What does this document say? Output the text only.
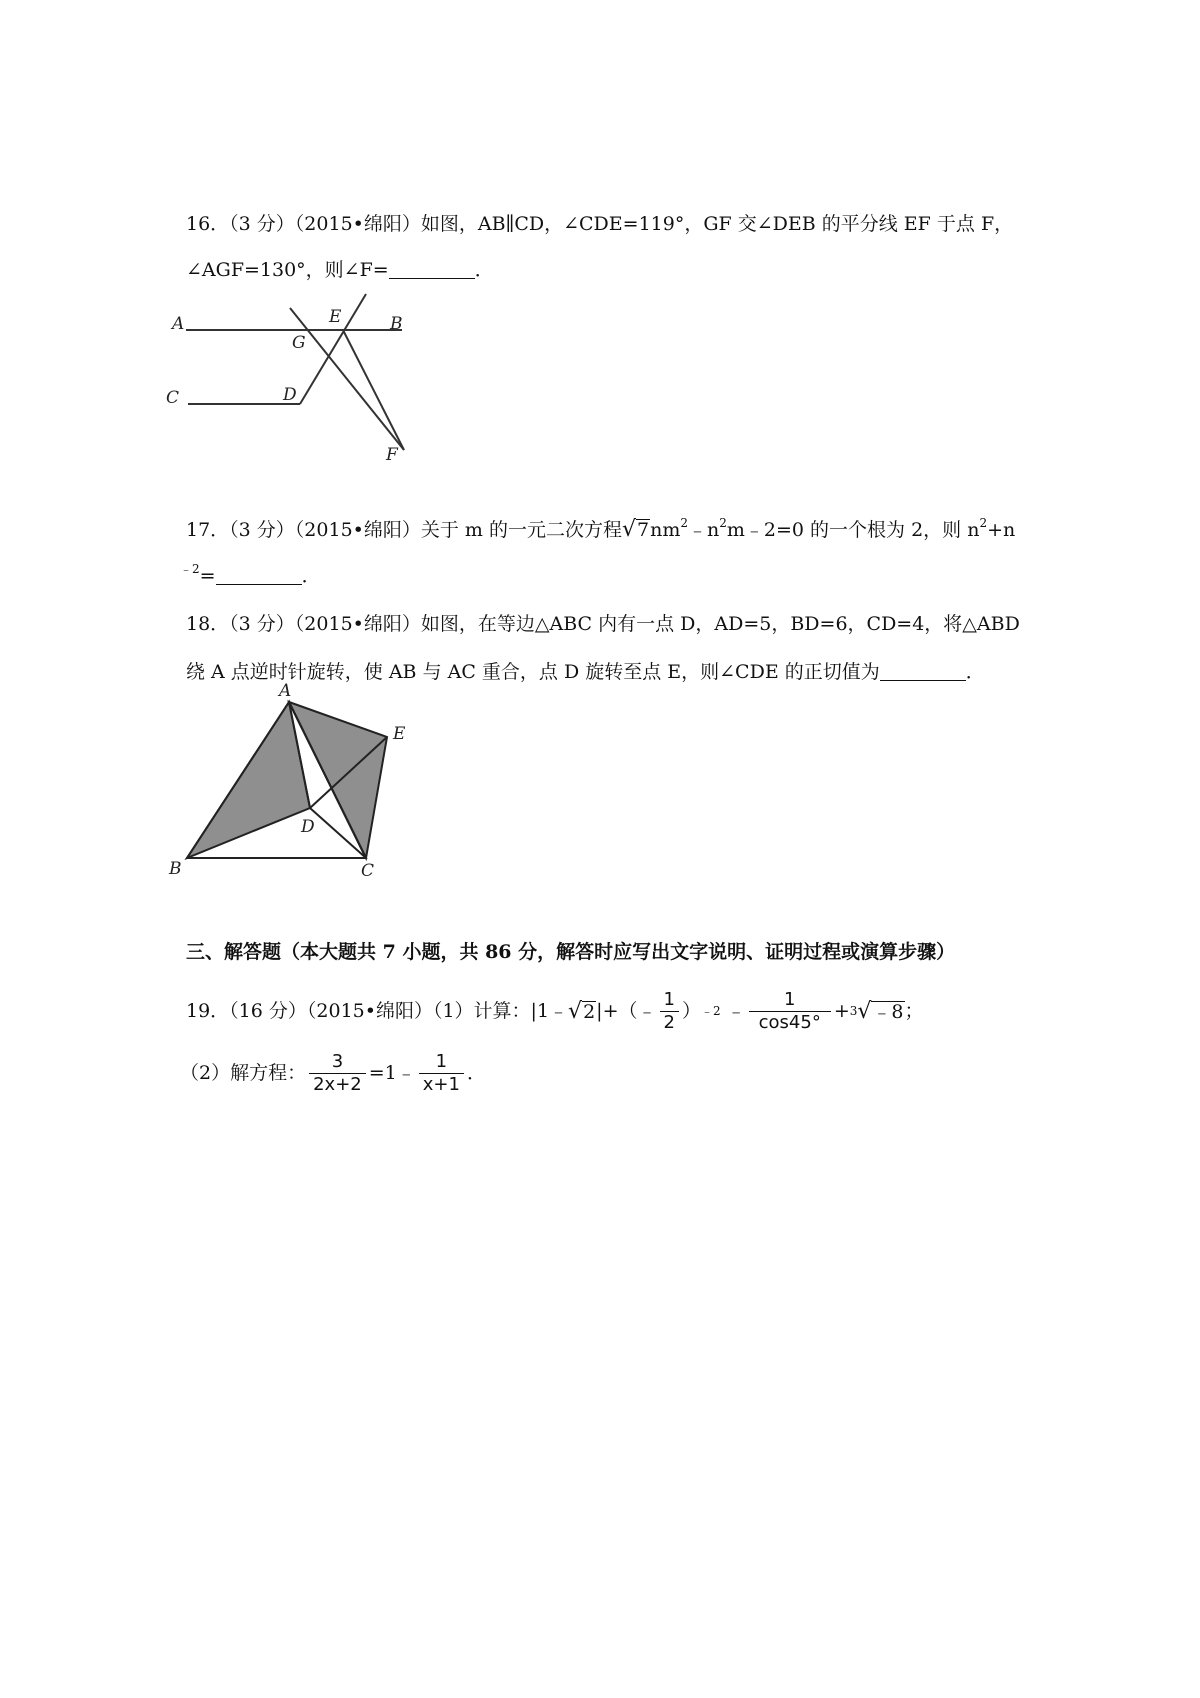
16．（3 分）（2015•绵阳）如图，AB∥CD，∠CDE=119°，GF 交∠DEB 的平分线 EF 于点 F，
∠AGF=130°，则∠F=	．
A	B
C	D
E
G
F
17．（3 分）（2015•绵阳）关于 m 的一元二次方程 √ 7 $nm^2﹣n^2m﹣2=0$ 的一个根为 2，则 $n^2+n$
$^{﹣2}$=	．
18．（3 分）（2015•绵阳）如图，在等边△ABC 内有一点 D，AD=5，BD=6，CD=4，将△ABD
绕 A 点逆时针旋转，使 AB 与 AC 重合，点 D 旋转至点 E，则∠CDE 的正切值为	．
A
B	C
D
E
三、解答题（本大题共 7 小题，共 86 分，解答时应写出文字说明、证明过程或演算步骤）
19．（16 分）（2015•绵阳）（1）计算：|1﹣ √ 2 |+（﹣ $\frac{1}{2}$ ） ﹣2 ﹣ $\frac{1}{\cos 45^\circ} + 3$ √ ﹣8 ；
（2）解方程： $\frac{3}{2x+2}$ =1﹣ $\frac{1}{x+1}$ ．
